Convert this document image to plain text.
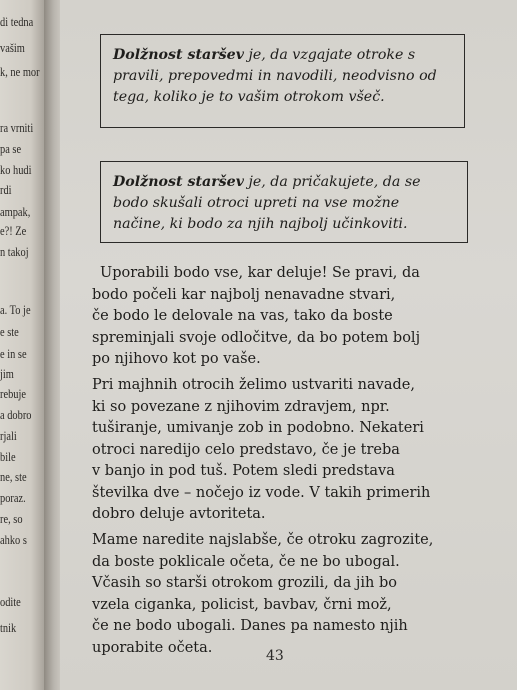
di tedna
vašim
k, ne mor
ra vrniti
pa se
ko hudi
rdi
ampak,
e?! Ze
n takoj
a. To je
e ste
e in se
jim
rebuje
a dobro
rjali
bile
ne, ste
poraz.
re, so
ahko s
odite
tnik
Dolžnost staršev je, da vzgajate otroke s pravili, prepovedmi in navodili, neodvisno od tega, koliko je to vašim otrokom všeč.
Dolžnost staršev je, da pričakujete, da se bodo skušali otroci upreti na vse možne načine, ki bodo za njih najbolj učinkoviti.
Uporabili bodo vse, kar deluje! Se pravi, da
bodo počeli kar najbolj nenavadne stvari,
če bodo le delovale na vas, tako da boste
spreminjali svoje odločitve, da bo potem bolj
po njihovo kot po vaše.
Pri majhnih otrocih želimo ustvariti navade,
ki so povezane z njihovim zdravjem, npr.
tuširanje, umivanje zob in podobno. Nekateri
otroci naredijo celo predstavo, če je treba
v banjo in pod tuš. Potem sledi predstava
številka dve – nočejo iz vode. V takih primerih
dobro deluje avtoriteta.
Mame naredite najslabše, če otroku zagrozite,
da boste poklicale očeta, če ne bo ubogal.
Včasih so starši otrokom grozili, da jih bo
vzela ciganka, policist, bavbav, črni mož,
če ne bodo ubogali. Danes pa namesto njih
uporabite očeta.
43
